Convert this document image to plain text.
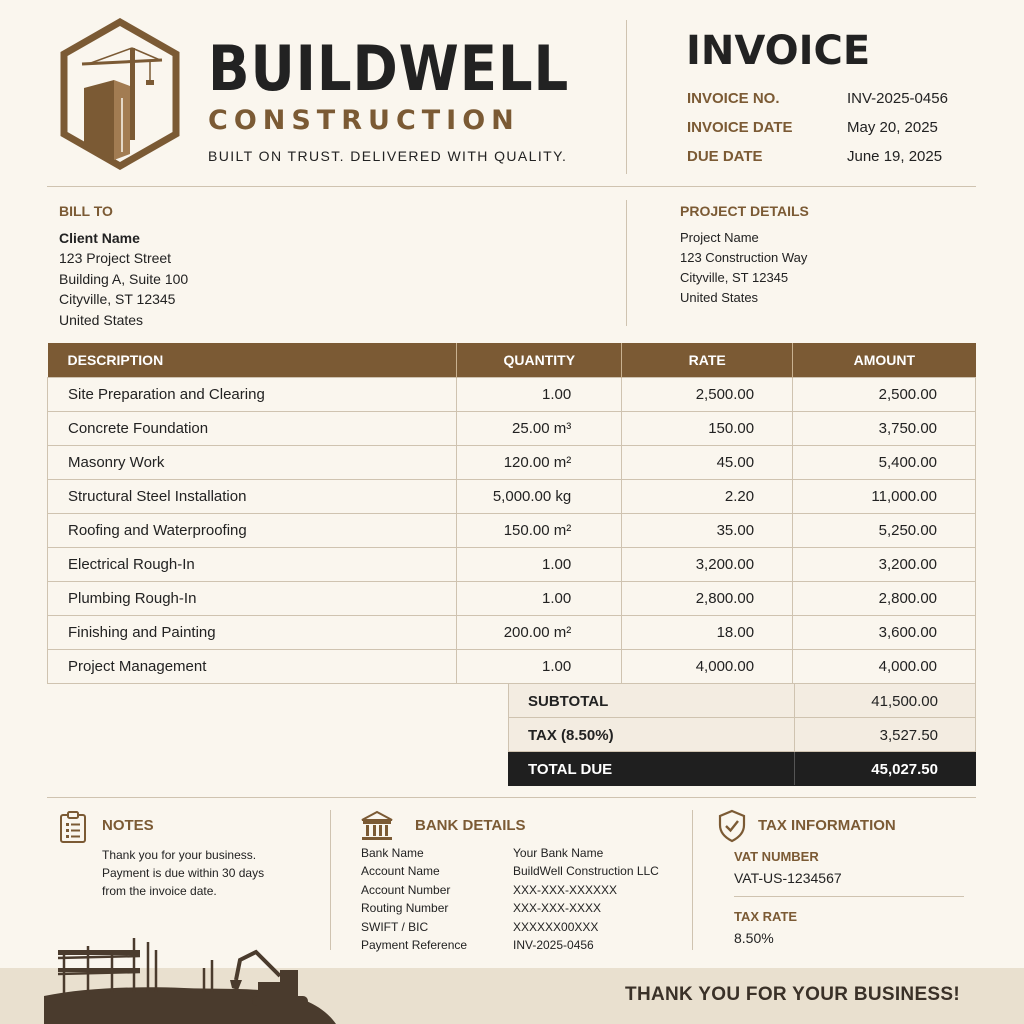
BUILDWELL
CONSTRUCTION
BUILT ON TRUST. DELIVERED WITH QUALITY.
INVOICE
INVOICE NO.	INV-2025-0456
INVOICE DATE	May 20, 2025
DUE DATE	June 19, 2025
BILL TO
Client Name
123 Project Street
Building A, Suite 100
Cityville, ST 12345
United States
PROJECT DETAILS
Project Name
123 Construction Way
Cityville, ST 12345
United States
DESCRIPTION	QUANTITY	RATE	AMOUNT
Site Preparation and Clearing	1.00	2,500.00	2,500.00
Concrete Foundation	25.00 m³	150.00	3,750.00
Masonry Work	120.00 m²	45.00	5,400.00
Structural Steel Installation	5,000.00 kg	2.20	11,000.00
Roofing and Waterproofing	150.00 m²	35.00	5,250.00
Electrical Rough-In	1.00	3,200.00	3,200.00
Plumbing Rough-In	1.00	2,800.00	2,800.00
Finishing and Painting	200.00 m²	18.00	3,600.00
Project Management	1.00	4,000.00	4,000.00
SUBTOTAL	41,500.00
TAX (8.50%)	3,527.50
TOTAL DUE	45,027.50
NOTES
Thank you for your business.
Payment is due within 30 days
from the invoice date.
BANK DETAILS
Bank Name	Your Bank Name
Account Name	BuildWell Construction LLC
Account Number	XXX-XXX-XXXXXX
Routing Number	XXX-XXX-XXXX
SWIFT / BIC	XXXXXX00XXX
Payment Reference	INV-2025-0456
TAX INFORMATION
VAT NUMBER
VAT-US-1234567
TAX RATE
8.50%
THANK YOU FOR YOUR BUSINESS!
